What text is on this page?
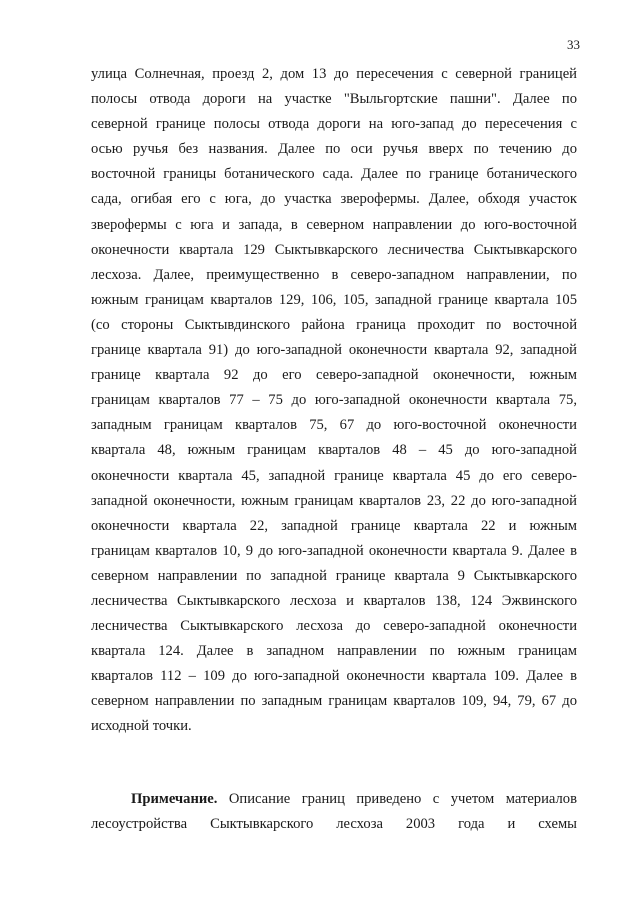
33
улица Солнечная, проезд 2, дом 13 до пересечения с северной границей
полосы отвода дороги на участке "Выльгортские пашни". Далее по
северной границе полосы отвода дороги на юго-запад до пересечения с
осью ручья без названия. Далее по оси ручья вверх по течению до
восточной границы ботанического сада. Далее по границе ботанического
сада, огибая его с юга, до участка зверофермы. Далее, обходя участок
зверофермы с юга и запада, в северном направлении до юго-восточной
оконечности квартала 129 Сыктывкарского лесничества Сыктывкарского
лесхоза. Далее, преимущественно в северо-западном направлении, по
южным границам кварталов 129, 106, 105, западной границе квартала 105
(со стороны Сыктывдинского района граница проходит по восточной
границе квартала 91) до юго-западной оконечности квартала 92, западной
границе квартала 92 до его северо-западной оконечности, южным
границам кварталов 77 – 75 до юго-западной оконечности квартала 75,
западным границам кварталов 75, 67 до юго-восточной оконечности
квартала 48, южным границам кварталов 48 – 45 до юго-западной
оконечности квартала 45, западной границе квартала 45 до его северо-
западной оконечности, южным границам кварталов 23, 22 до юго-западной
оконечности квартала 22, западной границе квартала 22 и южным
границам кварталов 10, 9 до юго-западной оконечности квартала 9. Далее в
северном направлении по западной границе квартала 9 Сыктывкарского
лесничества Сыктывкарского лесхоза и кварталов 138, 124 Эжвинского
лесничества Сыктывкарского лесхоза до северо-западной оконечности
квартала 124. Далее в западном направлении по южным границам
кварталов 112 – 109 до юго-западной оконечности квартала 109. Далее в
северном направлении по западным границам кварталов 109, 94, 79, 67 до
исходной точки.
Примечание. Описание границ приведено с учетом материалов
лесоустройства Сыктывкарского лесхоза 2003 года и схемы
